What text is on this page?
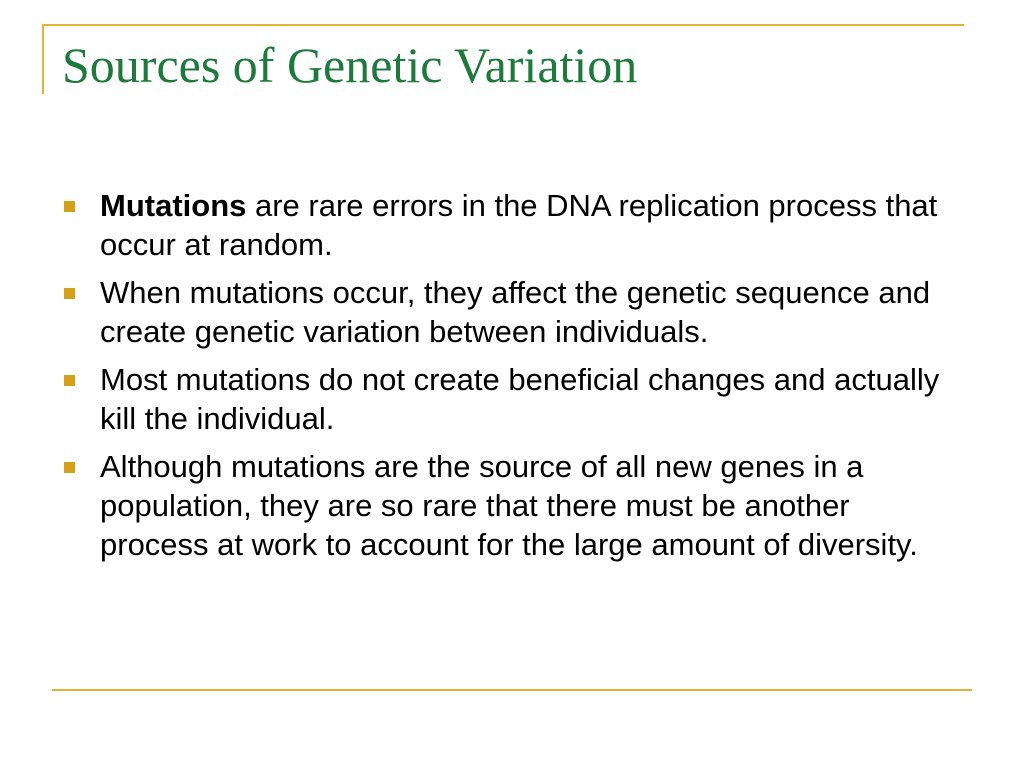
Sources of Genetic Variation
Mutations are rare errors in the DNA replication process that occur at random.
When mutations occur, they affect the genetic sequence and create genetic variation between individuals.
Most mutations do not create beneficial changes and actually kill the individual.
Although mutations are the source of all new genes in a population, they are so rare that there must be another process at work to account for the large amount of diversity.
